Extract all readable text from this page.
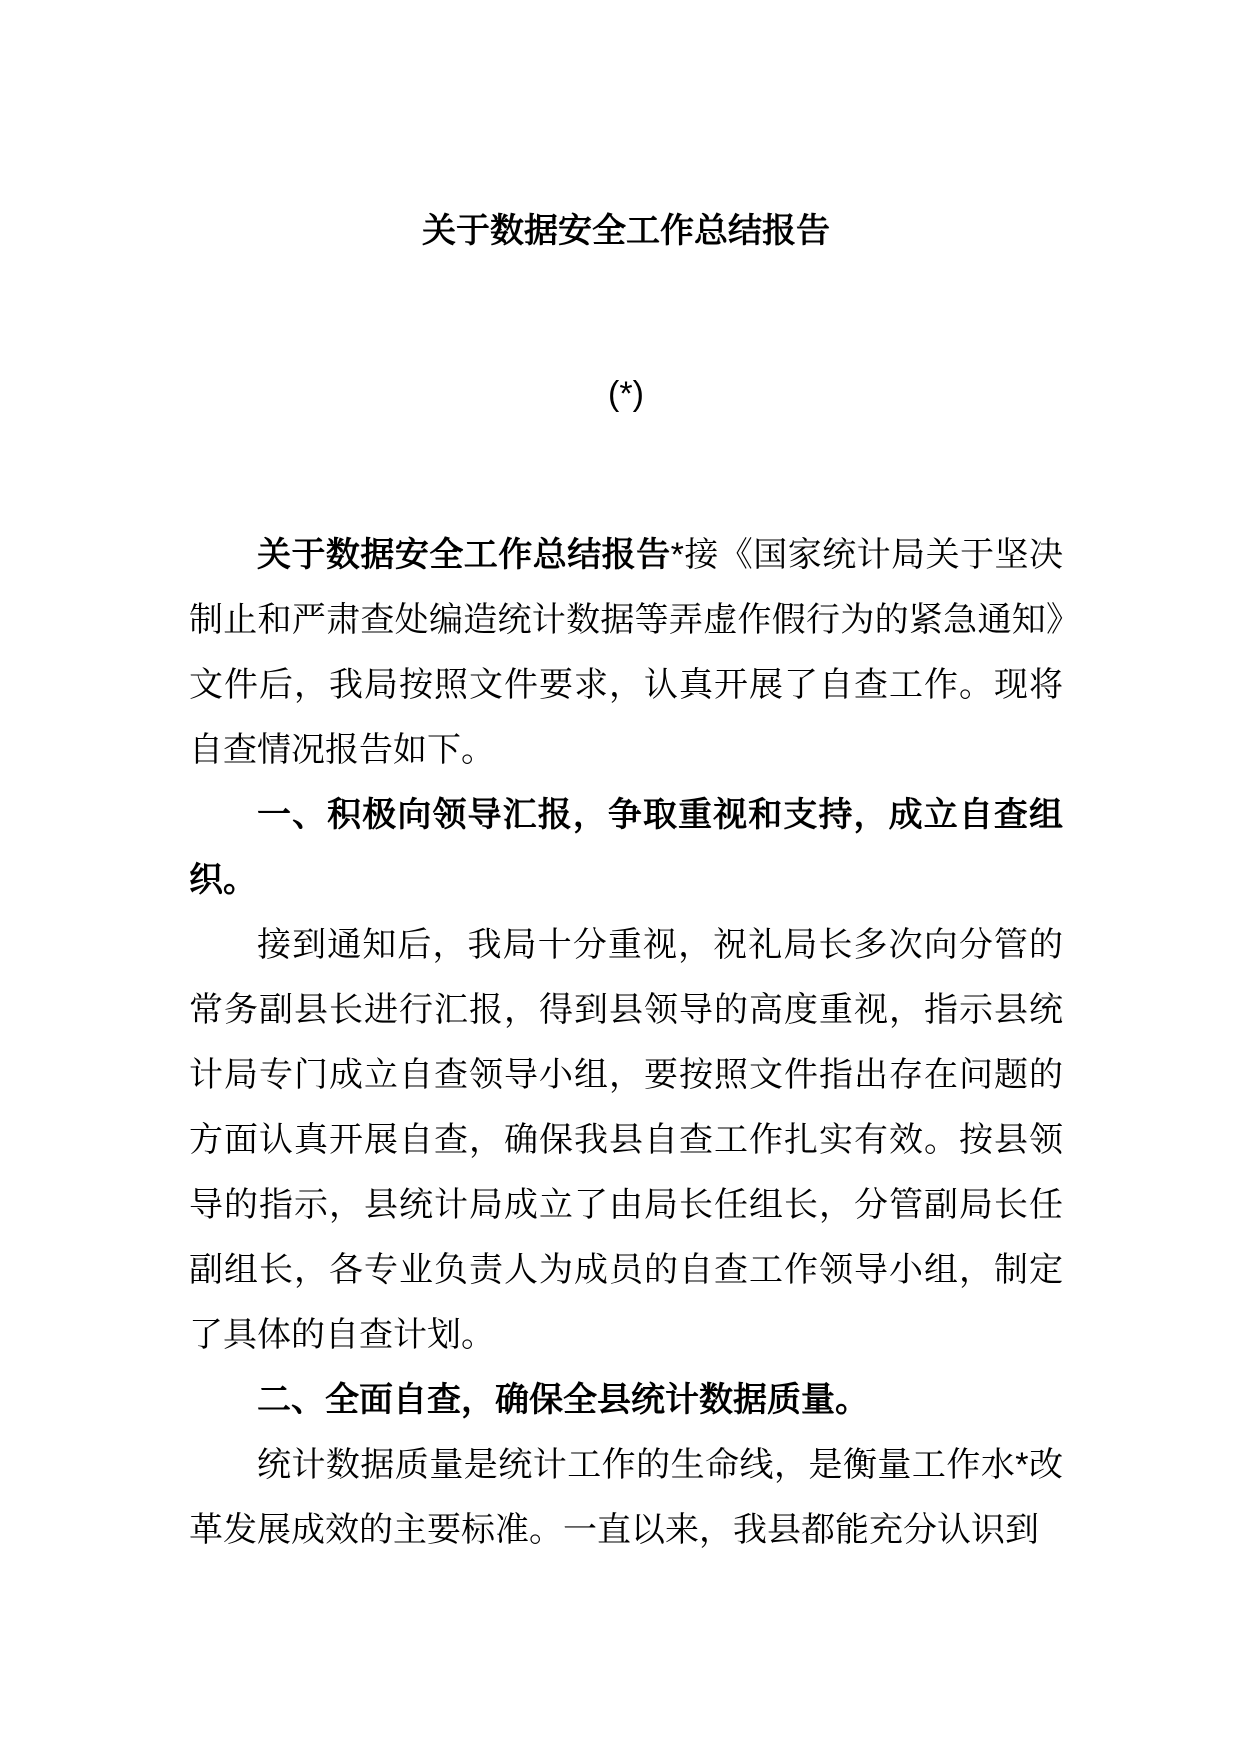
关于数据安全工作总结报告

(*)

关于数据安全工作总结报告*接《国家统计局关于坚决制止和严肃查处编造统计数据等弄虚作假行为的紧急通知》文件后，我局按照文件要求，认真开展了自查工作。现将自查情况报告如下。

一、积极向领导汇报，争取重视和支持，成立自查组织。

接到通知后，我局十分重视，祝礼局长多次向分管的常务副县长进行汇报，得到县领导的高度重视，指示县统计局专门成立自查领导小组，要按照文件指出存在问题的方面认真开展自查，确保我县自查工作扎实有效。按县领导的指示，县统计局成立了由局长任组长，分管副局长任副组长，各专业负责人为成员的自查工作领导小组，制定了具体的自查计划。

二、全面自查，确保全县统计数据质量。

统计数据质量是统计工作的生命线，是衡量工作水*改革发展成效的主要标准。一直以来，我县都能充分认识到
